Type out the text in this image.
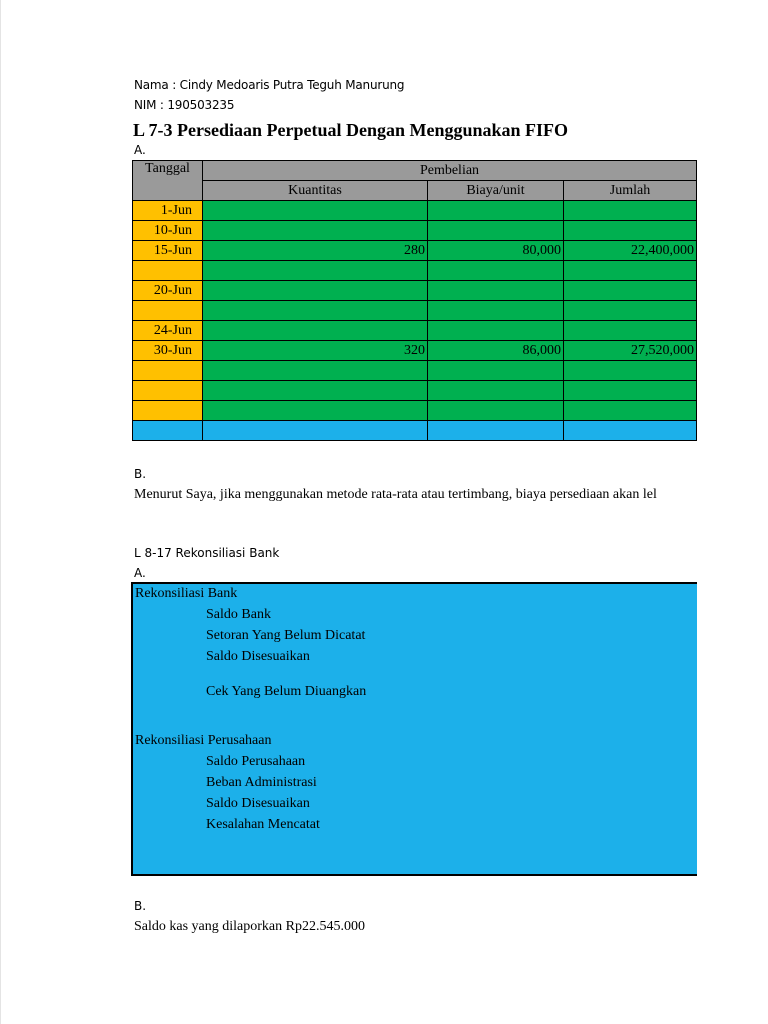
Nama : Cindy Medoaris Putra Teguh Manurung
NIM : 190503235
L 7-3 Persediaan Perpetual Dengan Menggunakan FIFO
A.
Tanggal	Pembelian		
	Kuantitas	Biaya/unit	Jumlah
1-Jun			
10-Jun			
15-Jun	280	80,000	22,400,000

20-Jun			

24-Jun			
30-Jun	320	86,000	27,520,000

B.
Menurut Saya, jika menggunakan metode rata-rata atau tertimbang, biaya persediaan akan lel
L 8-17 Rekonsiliasi Bank
A.
Rekonsiliasi Bank
Saldo Bank
Setoran Yang Belum Dicatat
Saldo Disesuaikan
Cek Yang Belum Diuangkan
Rekonsiliasi Perusahaan
Saldo Perusahaan
Beban Administrasi
Saldo Disesuaikan
Kesalahan Mencatat
B.
Saldo kas yang dilaporkan Rp22.545.000
